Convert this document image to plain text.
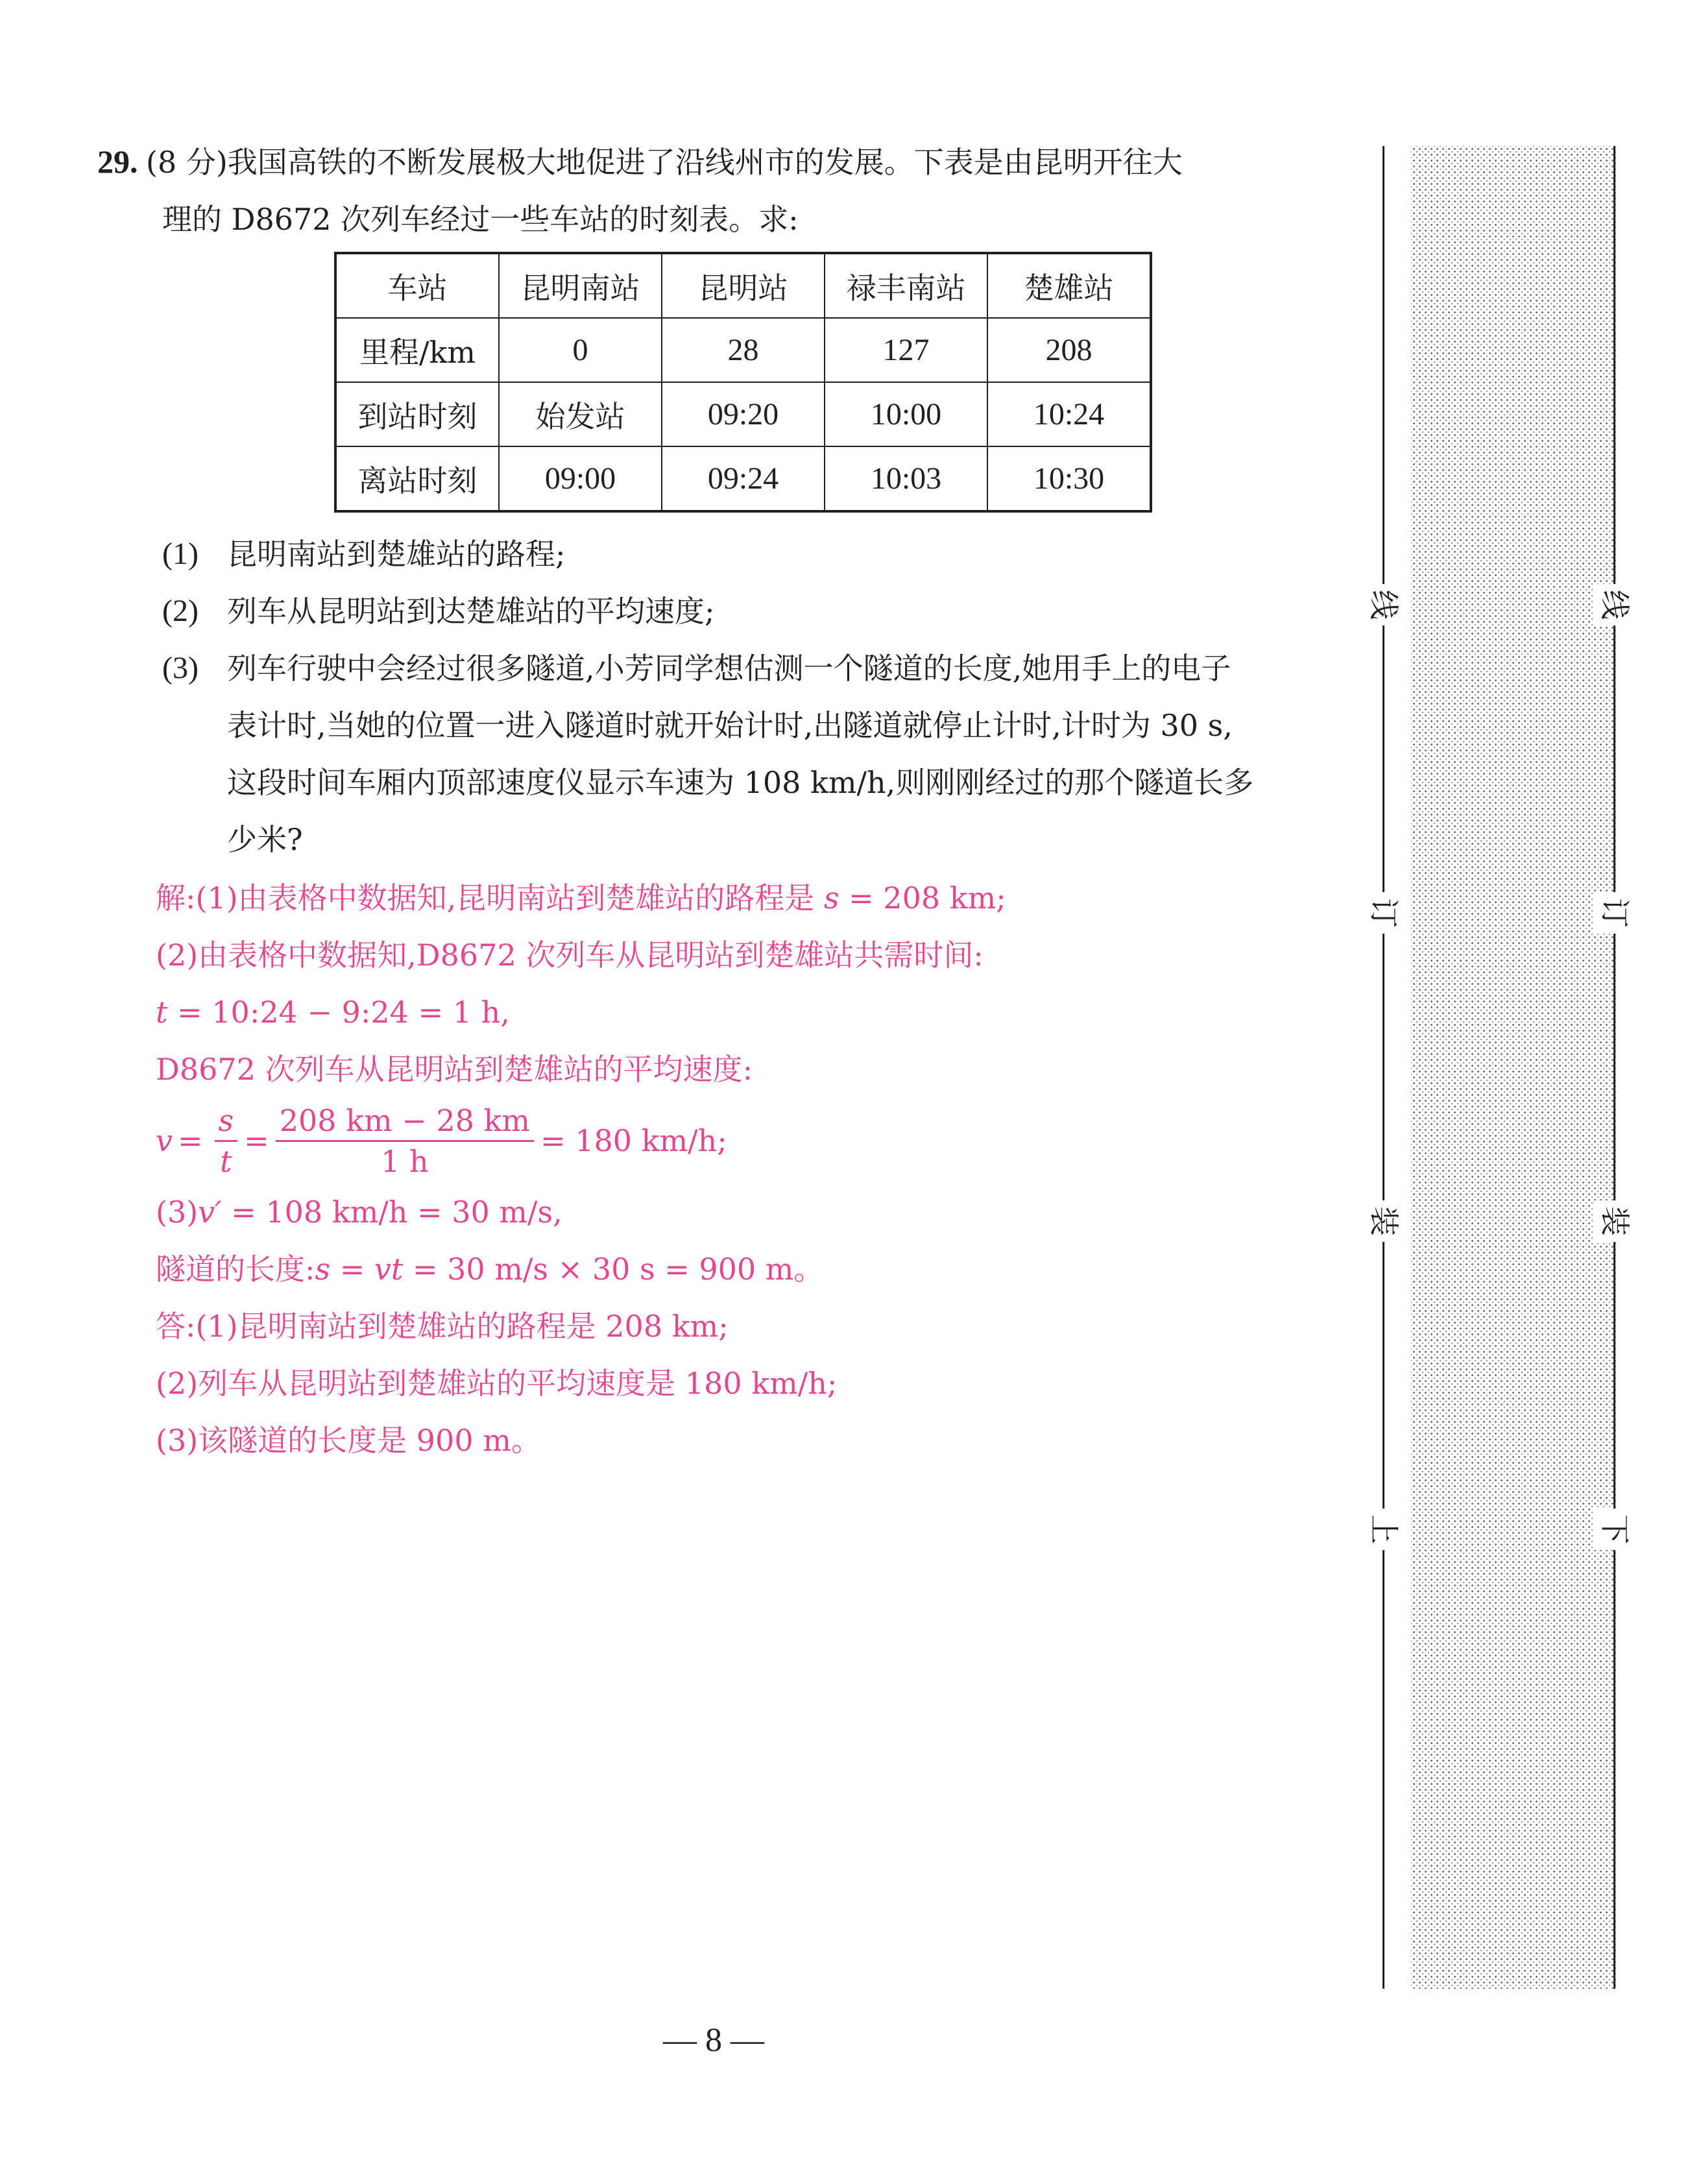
29. (8 分)我国高铁的不断发展极大地促进了沿线州市的发展。下表是由昆明开往大
理的 D8672 次列车经过一些车站的时刻表。求:
车站	昆明南站	昆明站	禄丰南站	楚雄站
里程/km	0	28	127	208
到站时刻	始发站	09:20	10:00	10:24
离站时刻	09:00	09:24	10:03	10:30
(1) 昆明南站到楚雄站的路程;
(2) 列车从昆明站到达楚雄站的平均速度;
(3) 列车行驶中会经过很多隧道,小芳同学想估测一个隧道的长度,她用手上的电子
表计时,当她的位置一进入隧道时就开始计时,出隧道就停止计时,计时为 30 s,
这段时间车厢内顶部速度仪显示车速为 108 km/h,则刚刚经过的那个隧道长多
少米?
解:(1)由表格中数据知,昆明南站到楚雄站的路程是 s = 208 km;
(2)由表格中数据知,D8672 次列车从昆明站到楚雄站共需时间:
t = 10:24 − 9:24 = 1 h,
D8672 次列车从昆明站到楚雄站的平均速度:
$v = \frac{s}{t} = \frac{208 km - 28 km}{1 h} = 180$ km/h;
(3)v′ = 108 km/h = 30 m/s,
隧道的长度:s = vt = 30 m/s × 30 s = 900 m。
答:(1)昆明南站到楚雄站的路程是 208 km;
(2)列车从昆明站到楚雄站的平均速度是 180 km/h;
(3)该隧道的长度是 900 m。
线
订
装
上
线
订
装
下
— 8 —
